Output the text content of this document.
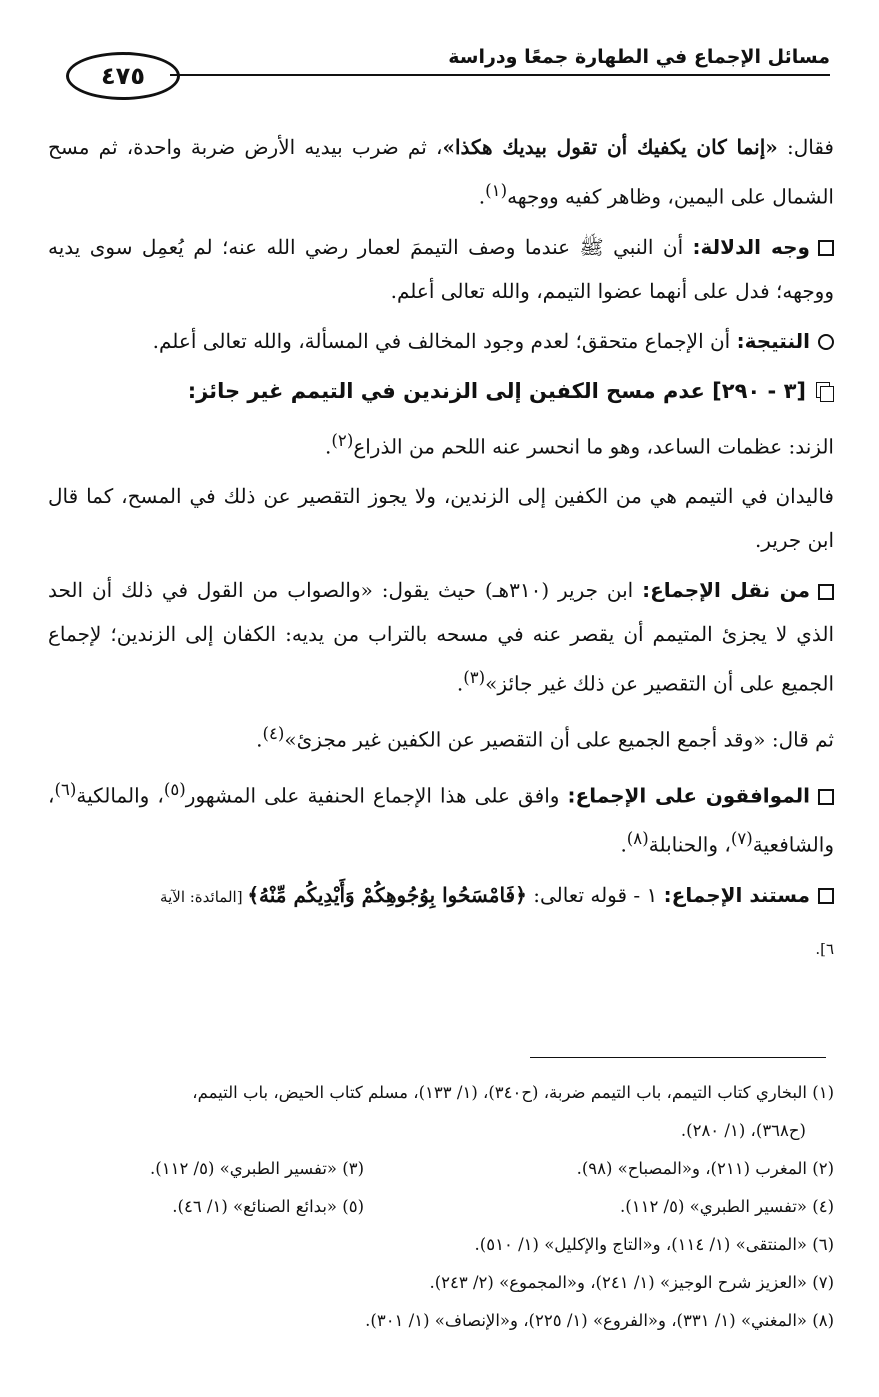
مسائل الإجماع في الطهارة جمعًا ودراسة
٤٧٥

فقال: «إنما كان يكفيك أن تقول بيديك هكذا»، ثم ضرب بيديه الأرض ضربة واحدة، ثم مسح الشمال على اليمين، وظاهر كفيه ووجهه$^{(١)}$.

وجه الدلالة: أن النبي ﷺ عندما وصف التيممَ لعمار رضي الله عنه؛ لم يُعمِل سوى يديه ووجهه؛ فدل على أنهما عضوا التيمم، والله تعالى أعلم.

النتيجة: أن الإجماع متحقق؛ لعدم وجود المخالف في المسألة، والله تعالى أعلم.

[٣ - ٢٩٠] عدم مسح الكفين إلى الزندين في التيمم غير جائز:

الزند: عظمات الساعد، وهو ما انحسر عنه اللحم من الذراع$^{(٢)}$.

فاليدان في التيمم هي من الكفين إلى الزندين، ولا يجوز التقصير عن ذلك في المسح، كما قال ابن جرير.

من نقل الإجماع: ابن جرير (٣١٠هـ) حيث يقول: «والصواب من القول في ذلك أن الحد الذي لا يجزئ المتيمم أن يقصر عنه في مسحه بالتراب من يديه: الكفان إلى الزندين؛ لإجماع الجميع على أن التقصير عن ذلك غير جائز»$^{(٣)}$.

ثم قال: «وقد أجمع الجميع على أن التقصير عن الكفين غير مجزئ»$^{(٤)}$.

الموافقون على الإجماع: وافق على هذا الإجماع الحنفية على المشهور$^{(٥)}$، والمالكية$^{(٦)}$، والشافعية$^{(٧)}$، والحنابلة$^{(٨)}$.

مستند الإجماع: ١ - قوله تعالى: ﴿فَامْسَحُوا بِوُجُوهِكُمْ وَأَيْدِيكُم مِّنْهُ﴾ [المائدة: الآية

٦].

(١) البخاري كتاب التيمم، باب التيمم ضربة، (ح٣٤٠)، (١/ ١٣٣)، مسلم كتاب الحيض، باب التيمم،

(ح٣٦٨)، (١/ ٢٨٠).

(٢) المغرب (٢١١)، و«المصباح» (٩٨).

(٣) «تفسير الطبري» (٥/ ١١٢).

(٤) «تفسير الطبري» (٥/ ١١٢).

(٥) «بدائع الصنائع» (١/ ٤٦).

(٦) «المنتقى» (١/ ١١٤)، و«التاج والإكليل» (١/ ٥١٠).

(٧) «العزيز شرح الوجيز» (١/ ٢٤١)، و«المجموع» (٢/ ٢٤٣).

(٨) «المغني» (١/ ٣٣١)، و«الفروع» (١/ ٢٢٥)، و«الإنصاف» (١/ ٣٠١).
